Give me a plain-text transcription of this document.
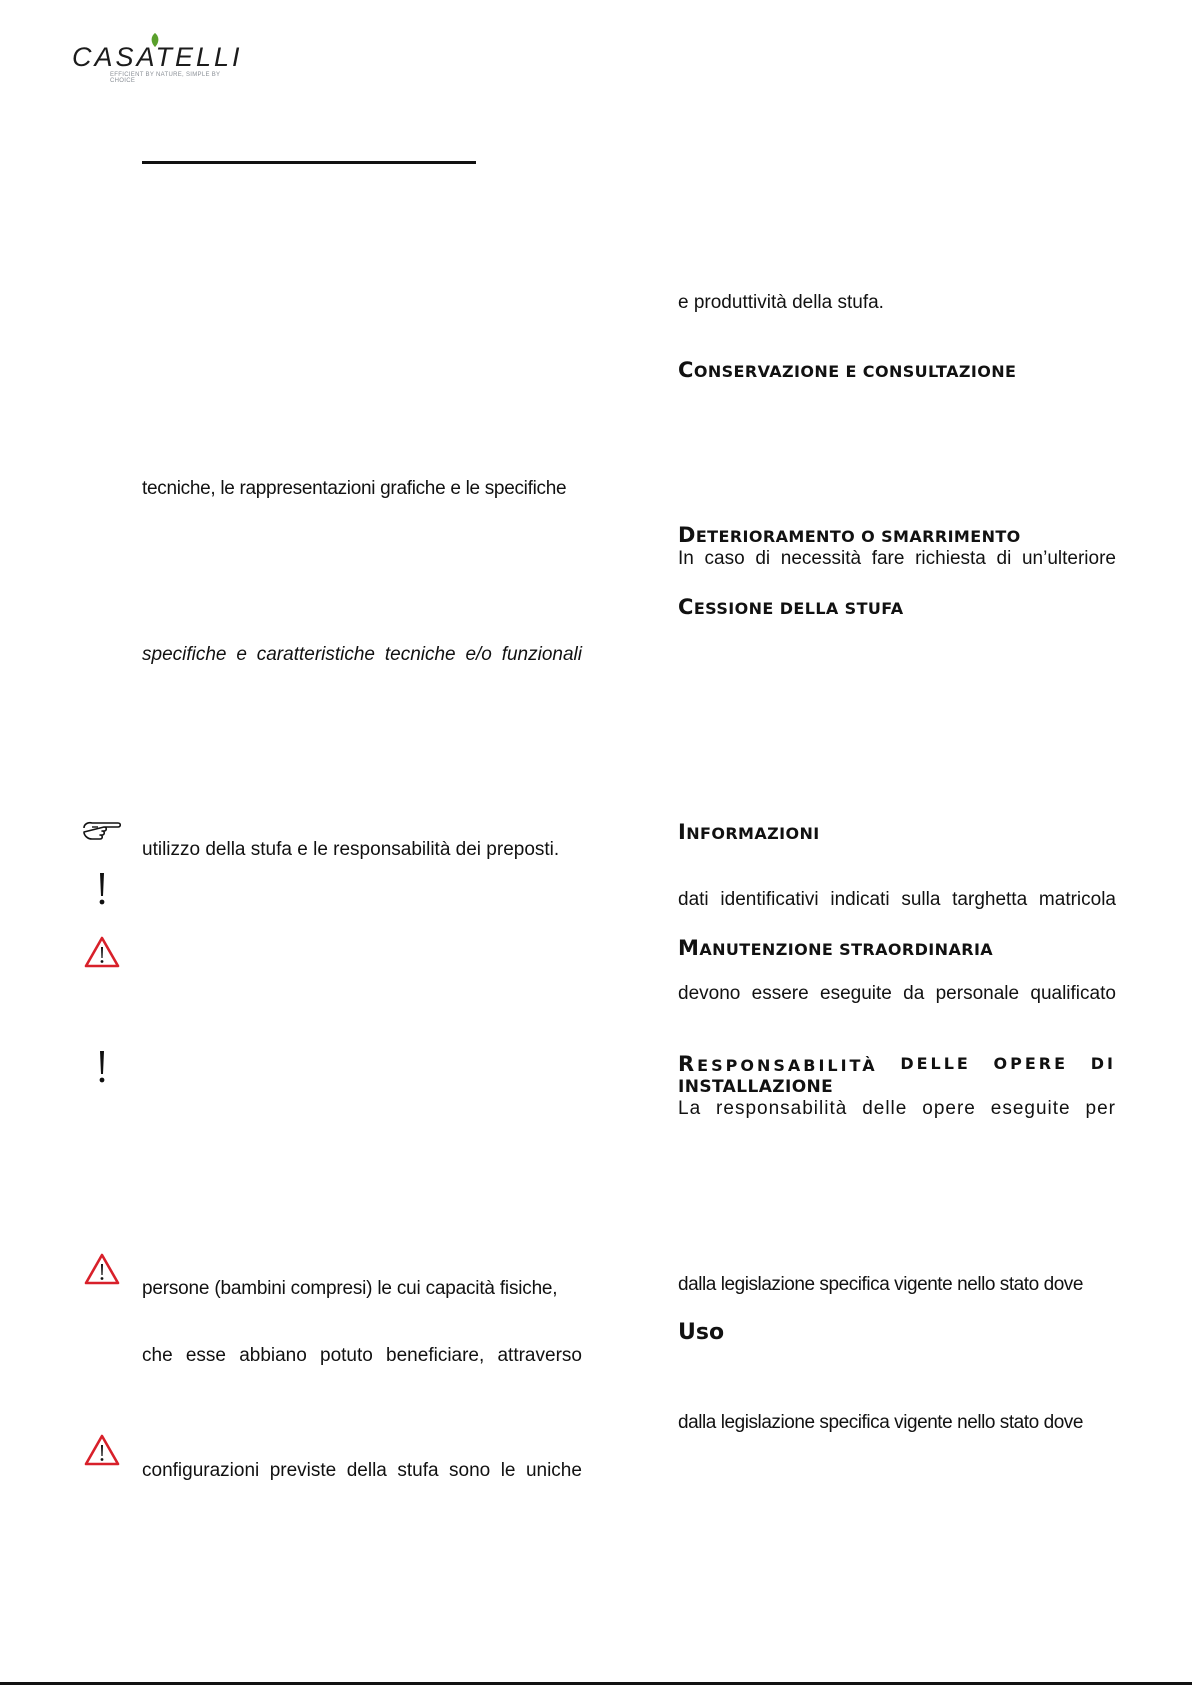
CASATELLI
EFFICIENT BY NATURE, SIMPLE BY CHOICE
tecniche, le rappresentazioni grafiche e le specifiche
specifiche e caratteristiche tecniche e/o funzionali
utilizzo della stufa e le responsabilità dei preposti.
persone (bambini compresi) le cui capacità fisiche,
che esse abbiano potuto beneficiare, attraverso
configurazioni previste della stufa sono le uniche
e produttività della stufa.
CONSERVAZIONE E CONSULTAZIONE
DETERIORAMENTO O SMARRIMENTO
In caso di necessità fare richiesta di un’ulteriore
CESSIONE DELLA STUFA
INFORMAZIONI
dati identificativi indicati sulla targhetta matricola
MANUTENZIONE STRAORDINARIA
devono essere eseguite da personale qualificato
RESPONSABILITÀ DELLE OPERE DI
INSTALLAZIONE
La responsabilità delle opere eseguite per
dalla legislazione specifica vigente nello stato dove
Uso
dalla legislazione specifica vigente nello stato dove
